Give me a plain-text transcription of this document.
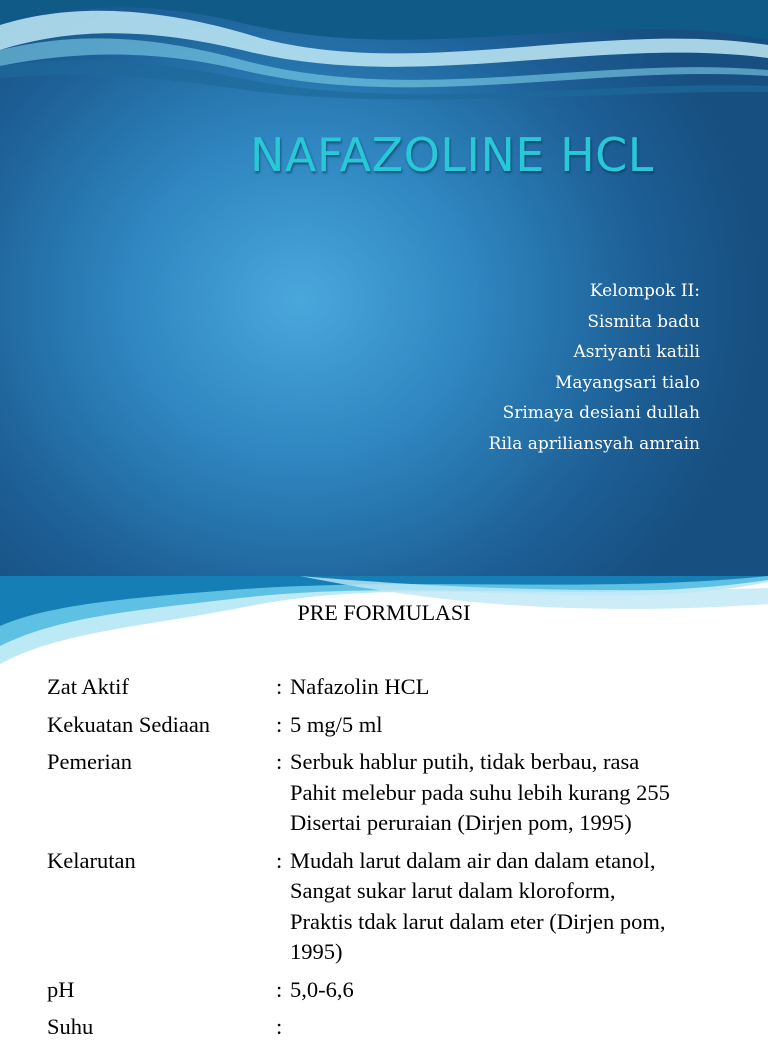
NAFAZOLINE HCL
Kelompok II:
Sismita badu
Asriyanti katili
Mayangsari tialo
Srimaya desiani dullah
Rila apriliansyah amrain
PRE FORMULASI
Zat Aktif	: Nafazolin HCL
Kekuatan Sediaan	: 5 mg/5 ml
Pemerian	: Serbuk hablur putih, tidak berbau, rasa
Pahit melebur pada suhu lebih kurang 255
Disertai peruraian (Dirjen pom, 1995)
Kelarutan	: Mudah larut dalam air dan dalam etanol,
Sangat sukar larut dalam kloroform,
Praktis tdak larut dalam eter (Dirjen pom,
1995)
pH	: 5,0-6,6
Suhu	:
